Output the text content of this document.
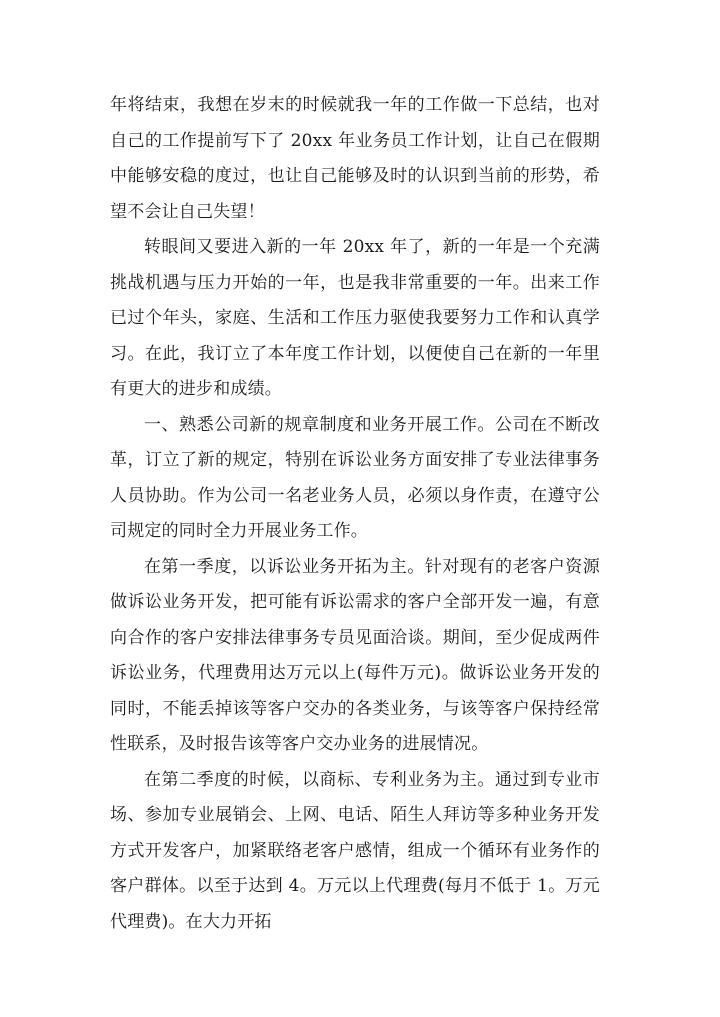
年将结束，我想在岁末的时候就我一年的工作做一下总结，也对自己的工作提前写下了 20xx 年业务员工作计划，让自己在假期中能够安稳的度过，也让自己能够及时的认识到当前的形势，希望不会让自己失望！

转眼间又要进入新的一年 20xx 年了，新的一年是一个充满挑战机遇与压力开始的一年，也是我非常重要的一年。出来工作已过个年头，家庭、生活和工作压力驱使我要努力工作和认真学习。在此，我订立了本年度工作计划，以便使自己在新的一年里有更大的进步和成绩。

一、熟悉公司新的规章制度和业务开展工作。公司在不断改革，订立了新的规定，特别在诉讼业务方面安排了专业法律事务人员协助。作为公司一名老业务人员，必须以身作责，在遵守公司规定的同时全力开展业务工作。

在第一季度，以诉讼业务开拓为主。针对现有的老客户资源做诉讼业务开发，把可能有诉讼需求的客户全部开发一遍，有意向合作的客户安排法律事务专员见面洽谈。期间，至少促成两件诉讼业务，代理费用达万元以上(每件万元)。做诉讼业务开发的同时，不能丢掉该等客户交办的各类业务，与该等客户保持经常性联系，及时报告该等客户交办业务的进展情况。

在第二季度的时候，以商标、专利业务为主。通过到专业市场、参加专业展销会、上网、电话、陌生人拜访等多种业务开发方式开发客户，加紧联络老客户感情，组成一个循环有业务作的客户群体。以至于达到 4。万元以上代理费(每月不低于 1。万元代理费)。在大力开拓
